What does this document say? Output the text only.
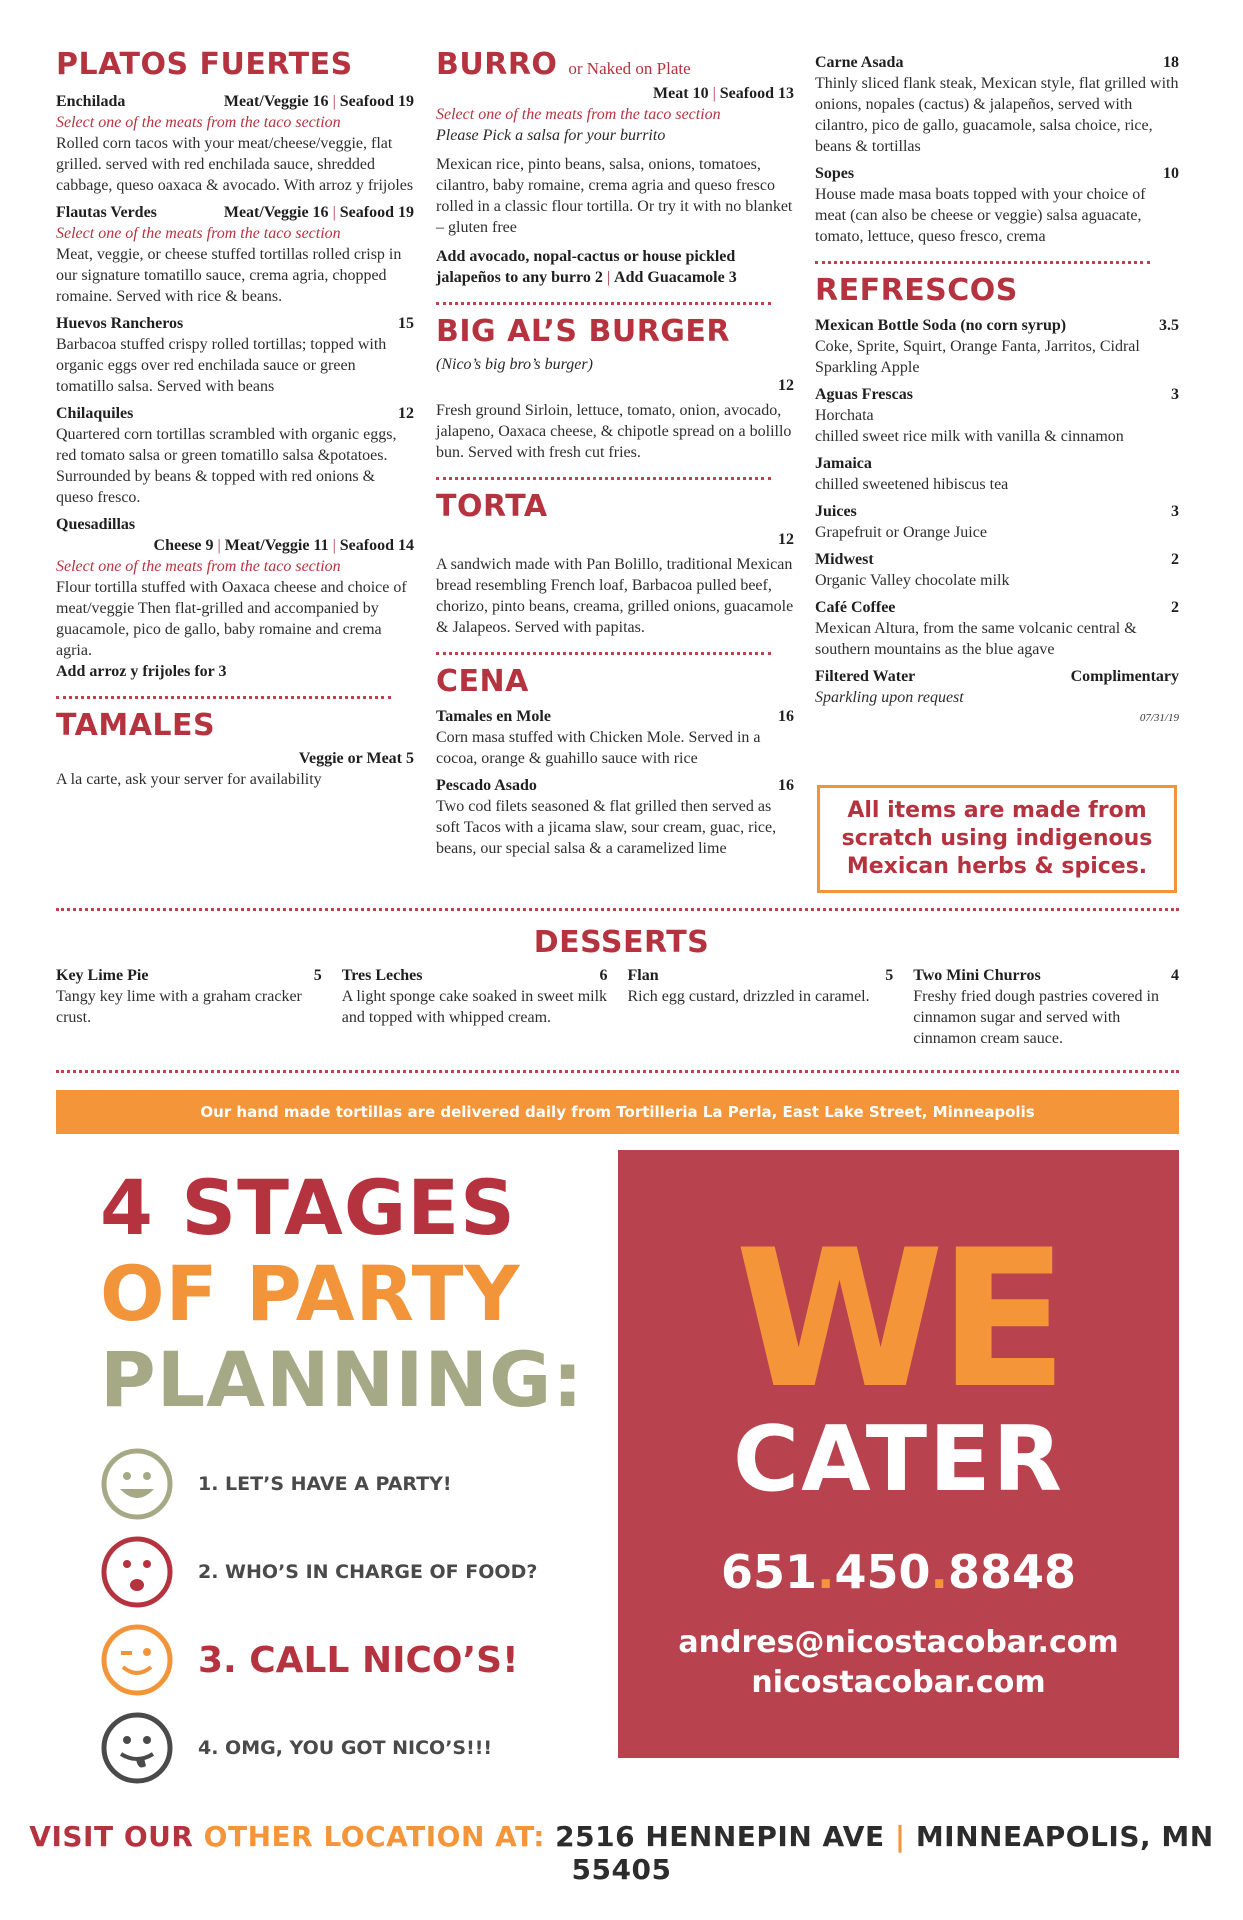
PLATOS FUERTES
Enchilada	Meat/Veggie 16 | Seafood 19
Select one of the meats from the taco section
Rolled corn tacos with your meat/cheese/veggie, flat grilled. served with red enchilada sauce, shredded cabbage, queso oaxaca & avocado. With arroz y frijoles
Flautas Verdes	Meat/Veggie 16 | Seafood 19
Select one of the meats from the taco section
Meat, veggie, or cheese stuffed tortillas rolled crisp in our signature tomatillo sauce, crema agria, chopped romaine. Served with rice & beans.
Huevos Rancheros	15
Barbacoa stuffed crispy rolled tortillas; topped with organic eggs over red enchilada sauce or green tomatillo salsa. Served with beans
Chilaquiles	12
Quartered corn tortillas scrambled with organic eggs, red tomato salsa or green tomatillo salsa &potatoes. Surrounded by beans & topped with red onions & queso fresco.
Quesadillas
Cheese 9 | Meat/Veggie 11 | Seafood 14
Select one of the meats from the taco section
Flour tortilla stuffed with Oaxaca cheese and choice of meat/veggie Then flat-grilled and accompanied by guacamole, pico de gallo, baby romaine and crema agria.
Add arroz y frijoles for 3
TAMALES
Veggie or Meat 5
A la carte, ask your server for availability
BURRO or Naked on Plate
Meat 10 | Seafood 13
Select one of the meats from the taco section
Please Pick a salsa for your burrito
Mexican rice, pinto beans, salsa, onions, tomatoes, cilantro, baby romaine, crema agria and queso fresco rolled in a classic flour tortilla. Or try it with no blanket – gluten free
Add avocado, nopal-cactus or house pickled jalapeños to any burro 2 | Add Guacamole 3
BIG AL’S BURGER
(Nico’s big bro’s burger)
12
Fresh ground Sirloin, lettuce, tomato, onion, avocado, jalapeno, Oaxaca cheese, & chipotle spread on a bolillo bun. Served with fresh cut fries.
TORTA
12
A sandwich made with Pan Bolillo, traditional Mexican bread resembling French loaf, Barbacoa pulled beef, chorizo, pinto beans, creama, grilled onions, guacamole & Jalapeos. Served with papitas.
CENA
Tamales en Mole	16
Corn masa stuffed with Chicken Mole. Served in a cocoa, orange & guahillo sauce with rice
Pescado Asado	16
Two cod filets seasoned & flat grilled then served as soft Tacos with a jicama slaw, sour cream, guac, rice, beans, our special salsa & a caramelized lime
Carne Asada	18
Thinly sliced flank steak, Mexican style, flat grilled with onions, nopales (cactus) & jalapeños, served with cilantro, pico de gallo, guacamole, salsa choice, rice, beans & tortillas
Sopes	10
House made masa boats topped with your choice of meat (can also be cheese or veggie) salsa aguacate, tomato, lettuce, queso fresco, crema
REFRESCOS
Mexican Bottle Soda (no corn syrup)	3.5
Coke, Sprite, Squirt, Orange Fanta, Jarritos, Cidral Sparkling Apple
Aguas Frescas	3
Horchata
chilled sweet rice milk with vanilla & cinnamon
Jamaica
chilled sweetened hibiscus tea
Juices	3
Grapefruit or Orange Juice
Midwest	2
Organic Valley chocolate milk
Café Coffee	2
Mexican Altura, from the same volcanic central & southern mountains as the blue agave
Filtered Water	Complimentary
Sparkling upon request
07/31/19
All items are made from scratch using indigenous Mexican herbs & spices.
DESSERTS
Key Lime Pie	5
Tangy key lime with a graham cracker crust.
Tres Leches	6
A light sponge cake soaked in sweet milk and topped with whipped cream.
Flan	5
Rich egg custard, drizzled in caramel.
Two Mini Churros	4
Freshy fried dough pastries covered in cinnamon sugar and served with cinnamon cream sauce.
Our hand made tortillas are delivered daily from Tortilleria La Perla, East Lake Street, Minneapolis
4 STAGES
OF PARTY
PLANNING:
1. LET’S HAVE A PARTY!
2. WHO’S IN CHARGE OF FOOD?
3. CALL NICO’S!
4. OMG, YOU GOT NICO’S!!!
WE
CATER
651.450.8848
andres@nicostacobar.com
nicostacobar.com
VISIT OUR OTHER LOCATION AT: 2516 HENNEPIN AVE | MINNEAPOLIS, MN 55405
